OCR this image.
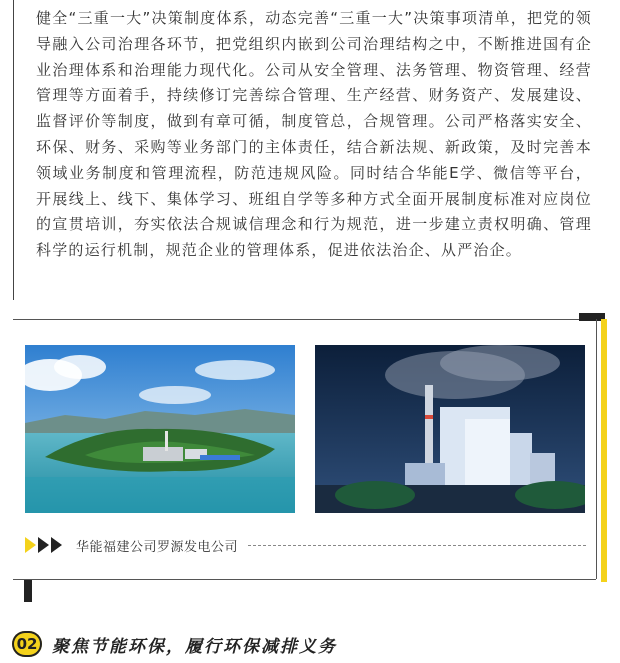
健全“三重一大”决策制度体系，动态完善“三重一大”决策事项清单，把党的领导融入公司治理各环节，把党组织内嵌到公司治理结构之中，不断推进国有企业治理体系和治理能力现代化。公司从安全管理、法务管理、物资管理、经营管理等方面着手，持续修订完善综合管理、生产经营、财务资产、发展建设、监督评价等制度，做到有章可循，制度管总，合规管理。公司严格落实安全、环保、财务、采购等业务部门的主体责任，结合新法规、新政策，及时完善本领域业务制度和管理流程，防范违规风险。同时结合华能E学、微信等平台，开展线上、线下、集体学习、班组自学等多种方式全面开展制度标准对应岗位的宣贯培训，夯实依法合规诚信理念和行为规范，进一步建立责权明确、管理科学的运行机制，规范企业的管理体系，促进依法治企、从严治企。

华能福建公司罗源发电公司
02 聚焦节能环保，履行环保减排义务
